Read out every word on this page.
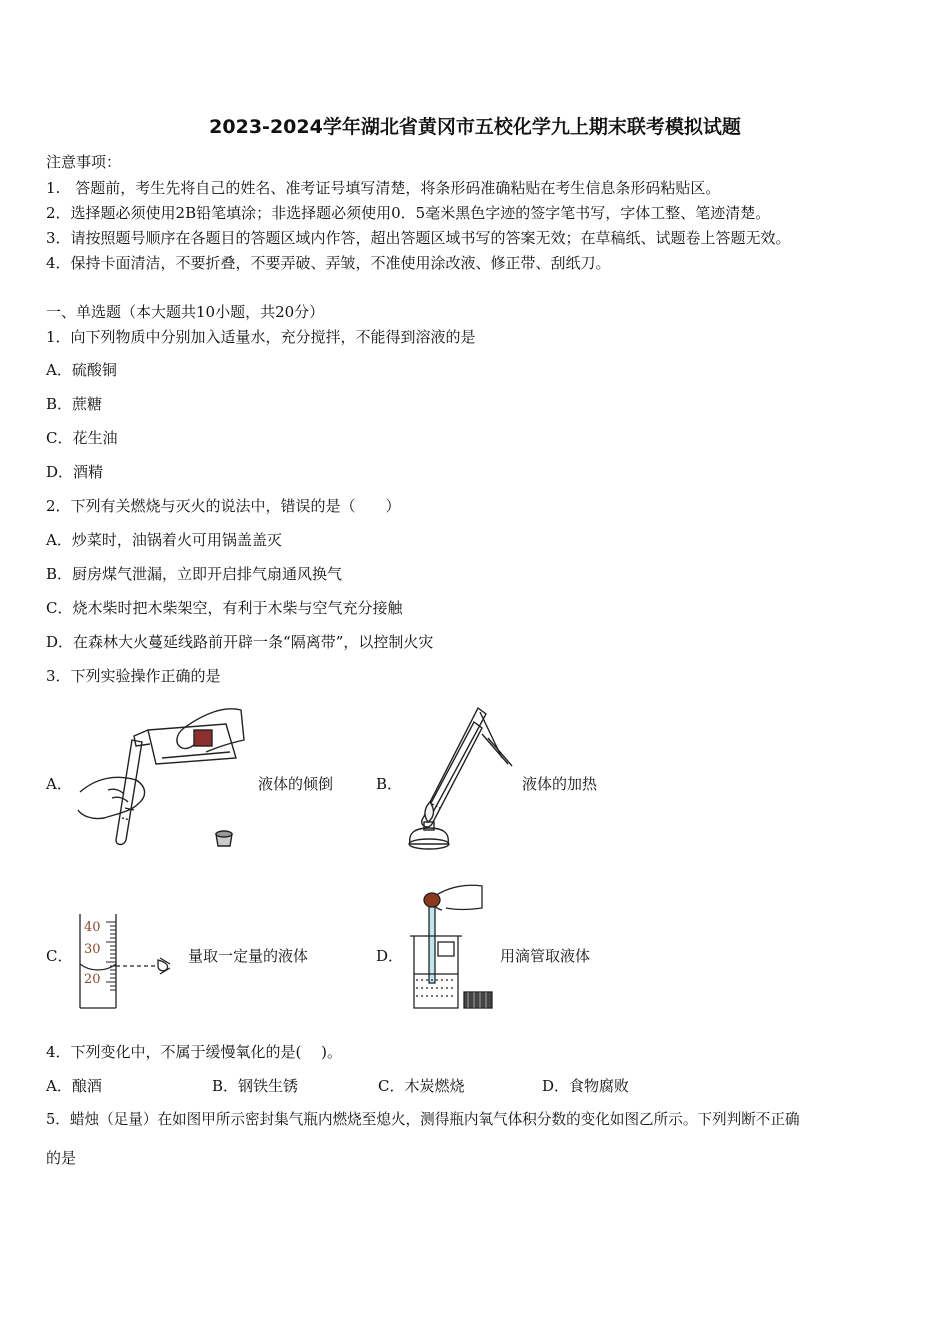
2023-2024学年湖北省黄冈市五校化学九上期末联考模拟试题
注意事项：
1.　答题前，考生先将自己的姓名、准考证号填写清楚，将条形码准确粘贴在考生信息条形码粘贴区。
2．选择题必须使用2B铅笔填涂；非选择题必须使用0．5毫米黑色字迹的签字笔书写，字体工整、笔迹清楚。
3．请按照题号顺序在各题目的答题区域内作答，超出答题区域书写的答案无效；在草稿纸、试题卷上答题无效。
4．保持卡面清洁，不要折叠，不要弄破、弄皱，不准使用涂改液、修正带、刮纸刀。
一、单选题（本大题共10小题，共20分）
1．向下列物质中分别加入适量水，充分搅拌，不能得到溶液的是
A．硫酸铜
B．蔗糖
C．花生油
D．酒精
2．下列有关燃烧与灭火的说法中，错误的是（　　）
A．炒菜时，油锅着火可用锅盖盖灭
B．厨房煤气泄漏，立即开启排气扇通风换气
C．烧木柴时把木柴架空，有利于木柴与空气充分接触
D．在森林大火蔓延线路前开辟一条“隔离带”，以控制火灾
3．下列实验操作正确的是
A．	液体的倾倒	B．	液体的加热
C．
40
30
20
量取一定量的液体	D．	用滴管取液体
4．下列变化中，不属于缓慢氧化的是(　 )。
A．酿酒	B．钢铁生锈	C．木炭燃烧	D．食物腐败
5．蜡烛（足量）在如图甲所示密封集气瓶内燃烧至熄火，测得瓶内氧气体积分数的变化如图乙所示。下列判断不正确
的是
